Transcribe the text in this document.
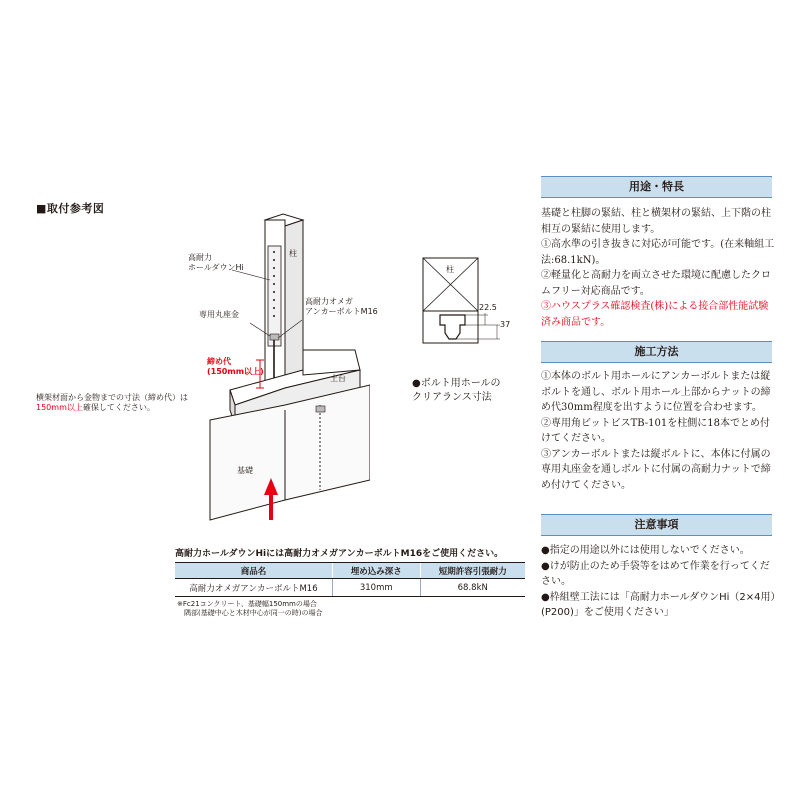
■取付参考図
高耐力
ホールダウンHi
柱
専用丸座金
高耐力オメガ
アンカーボルトM16
締め代
(150mm以上)
土台
基礎
横架材面から金物までの寸法（締め代）は
150mm以上確保してください。
柱
22.5
37
●ボルト用ホールの
クリアランス寸法
高耐力ホールダウンHiには高耐力オメガアンカーボルトM16をご使用ください。
商品名	埋め込み深さ	短期許容引張耐力
高耐力オメガアンカーボルトM16	310mm	68.8kN
※Fc21コンクリート、基礎幅150mmの場合
隅部(基礎中心と木材中心が同一の時)の場合
用途・特長

基礎と柱脚の緊結、柱と横架材の緊結、上下階の柱相互の緊結に使用します。

①高水準の引き抜きに対応が可能です。(在来軸組工法:68.1kN)。

②軽量化と高耐力を両立させた環境に配慮したクロムフリー対応商品です。

③ハウスプラス確認検査(株)による接合部性能試験済み商品です。

施工方法

①本体のボルト用ホールにアンカーボルトまたは縦ボルトを通し、ボルト用ホール上部からナットの締め代30mm程度を出すように位置を合わせます。

②専用角ビットビスTB-101を柱側に18本でとめ付けてください。

③アンカーボルトまたは縦ボルトに、本体に付属の専用丸座金を通しボルトに付属の高耐力ナットで締め付けてください。

注意事項

●指定の用途以外には使用しないでください。

●けが防止のため手袋等をはめて作業を行ってください。

●枠組壁工法には「高耐力ホールダウンHi（2×4用）(P200)」をご使用ください」
